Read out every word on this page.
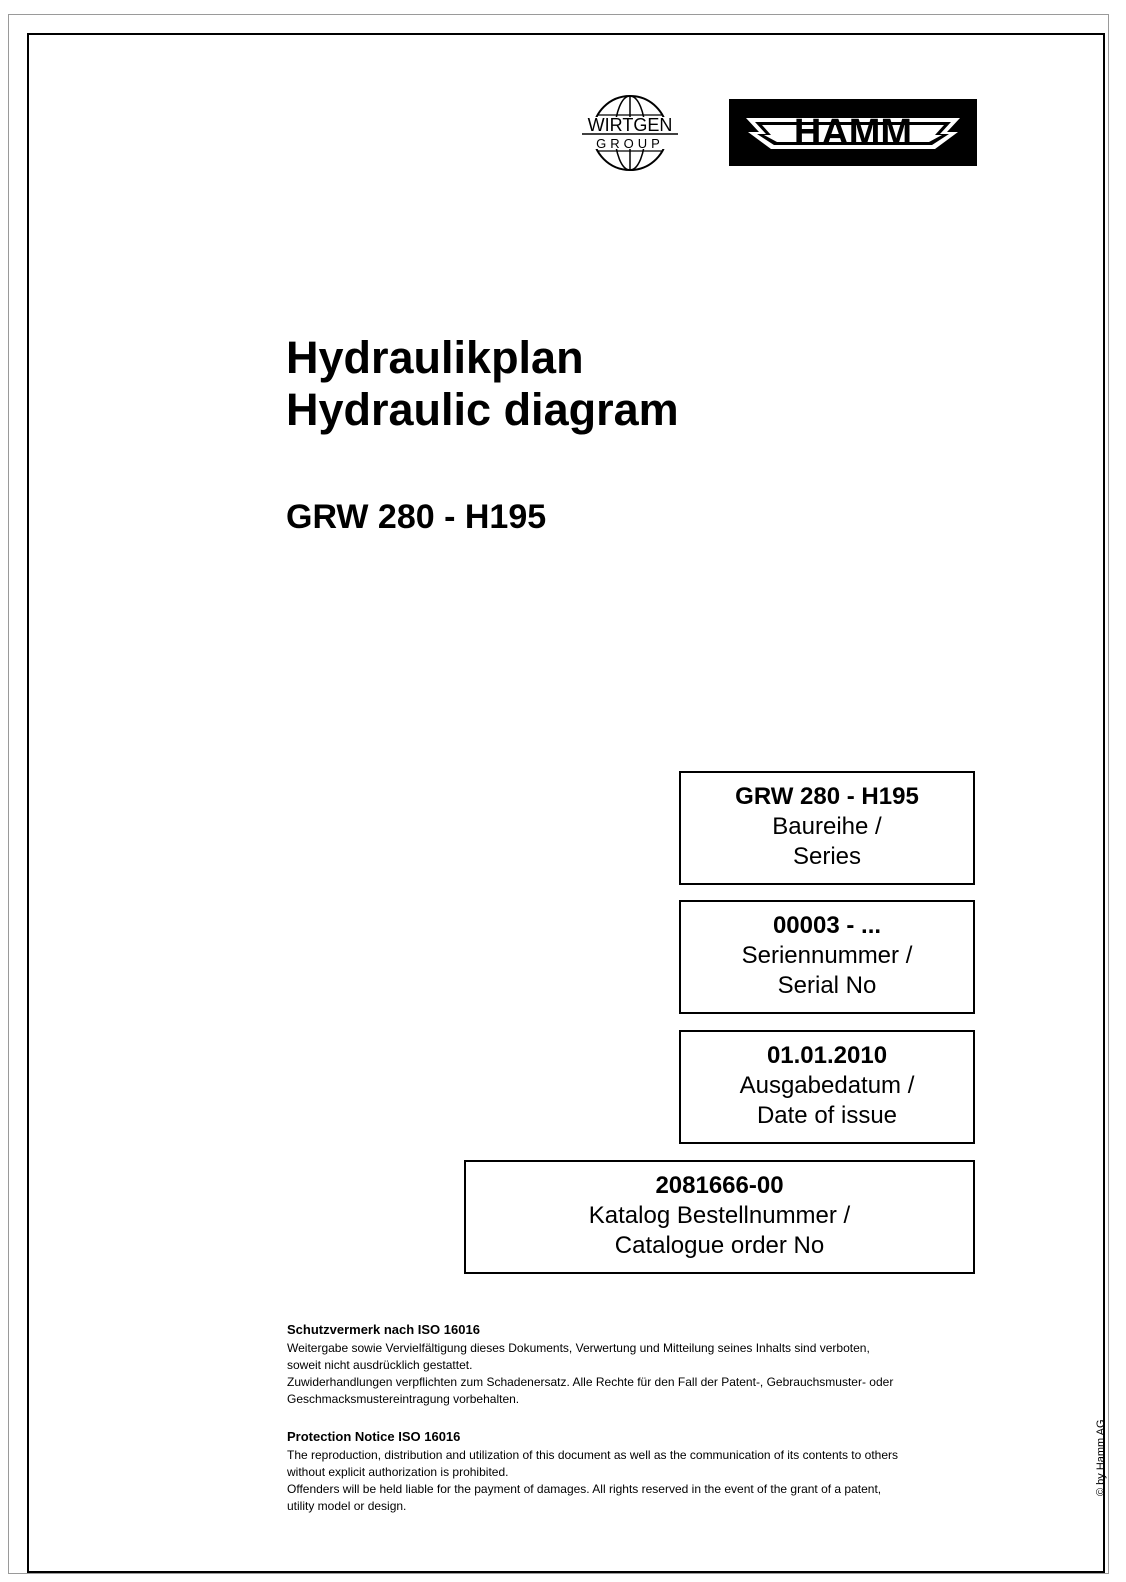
WIRTGEN
GROUP	HAMM
Hydraulikplan
Hydraulic diagram
GRW 280 - H195
GRW 280 - H195
Baureihe /
Series
00003 - ...
Seriennummer /
Serial No
01.01.2010
Ausgabedatum /
Date of issue
2081666-00
Katalog Bestellnummer /
Catalogue order No
Schutzvermerk nach ISO 16016
Weitergabe sowie Vervielfältigung dieses Dokuments, Verwertung und Mitteilung seines Inhalts sind verboten,
soweit nicht ausdrücklich gestattet.
Zuwiderhandlungen verpflichten zum Schadenersatz. Alle Rechte für den Fall der Patent-, Gebrauchsmuster- oder
Geschmacksmustereintragung vorbehalten.
Protection Notice ISO 16016
The reproduction, distribution and utilization of this document as well as the communication of its contents to others
without explicit authorization is prohibited.
Offenders will be held liable for the payment of damages. All rights reserved in the event of the grant of a patent,
utility model or design.
© by Hamm AG
